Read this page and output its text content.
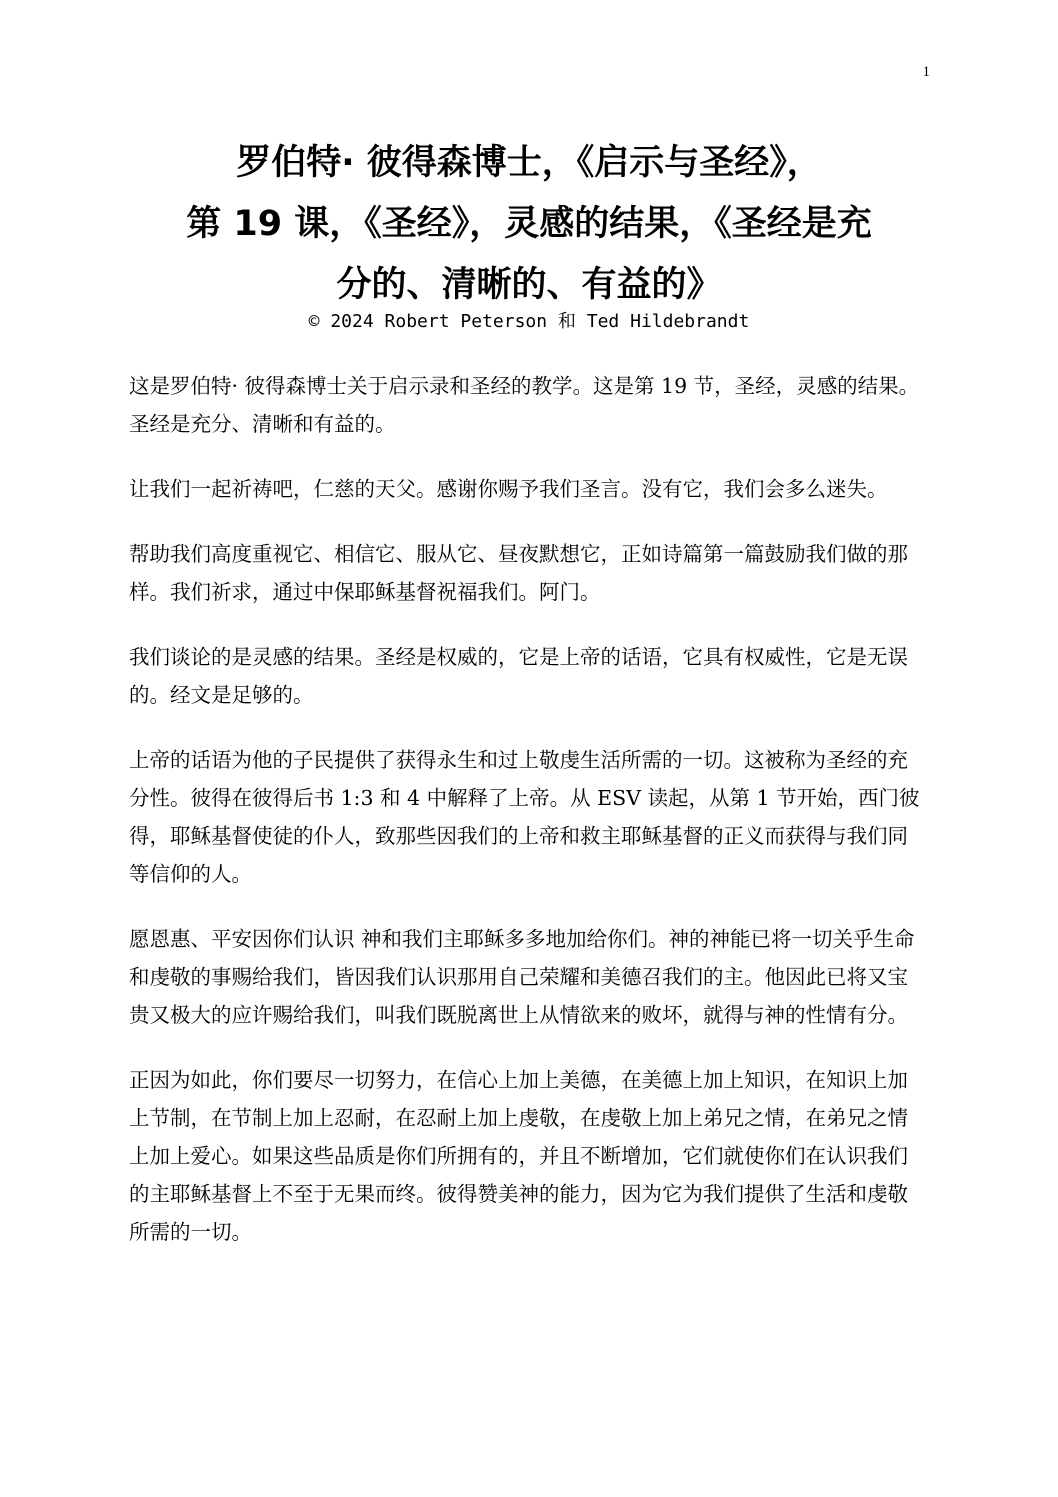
1
罗伯特· 彼得森博士，《启示与圣经》，
第 19 课，《圣经》，灵感的结果，《圣经是充
分的、清晰的、有益的》
© 2024 Robert Peterson 和 Ted Hildebrandt

这是罗伯特· 彼得森博士关于启示录和圣经的教学。这是第 19 节，圣经，灵感的结果。圣经是充分、清晰和有益的。

让我们一起祈祷吧，仁慈的天父。感谢你赐予我们圣言。没有它，我们会多么迷失。

帮助我们高度重视它、相信它、服从它、昼夜默想它，正如诗篇第一篇鼓励我们做的那样。我们祈求，通过中保耶稣基督祝福我们。阿门。

我们谈论的是灵感的结果。圣经是权威的，它是上帝的话语，它具有权威性，它是无误的。经文是足够的。

上帝的话语为他的子民提供了获得永生和过上敬虔生活所需的一切。这被称为圣经的充分性。彼得在彼得后书 1:3 和 4 中解释了上帝。从 ESV 读起，从第 1 节开始，西门彼得，耶稣基督使徒的仆人，致那些因我们的上帝和救主耶稣基督的正义而获得与我们同等信仰的人。

愿恩惠、平安因你们认识 神和我们主耶稣多多地加给你们。神的神能已将一切关乎生命和虔敬的事赐给我们，皆因我们认识那用自己荣耀和美德召我们的主。他因此已将又宝贵又极大的应许赐给我们，叫我们既脱离世上从情欲来的败坏，就得与神的性情有分。

正因为如此，你们要尽一切努力，在信心上加上美德，在美德上加上知识，在知识上加上节制，在节制上加上忍耐，在忍耐上加上虔敬，在虔敬上加上弟兄之情，在弟兄之情上加上爱心。如果这些品质是你们所拥有的，并且不断增加，它们就使你们在认识我们的主耶稣基督上不至于无果而终。彼得赞美神的能力，因为它为我们提供了生活和虔敬所需的一切。
